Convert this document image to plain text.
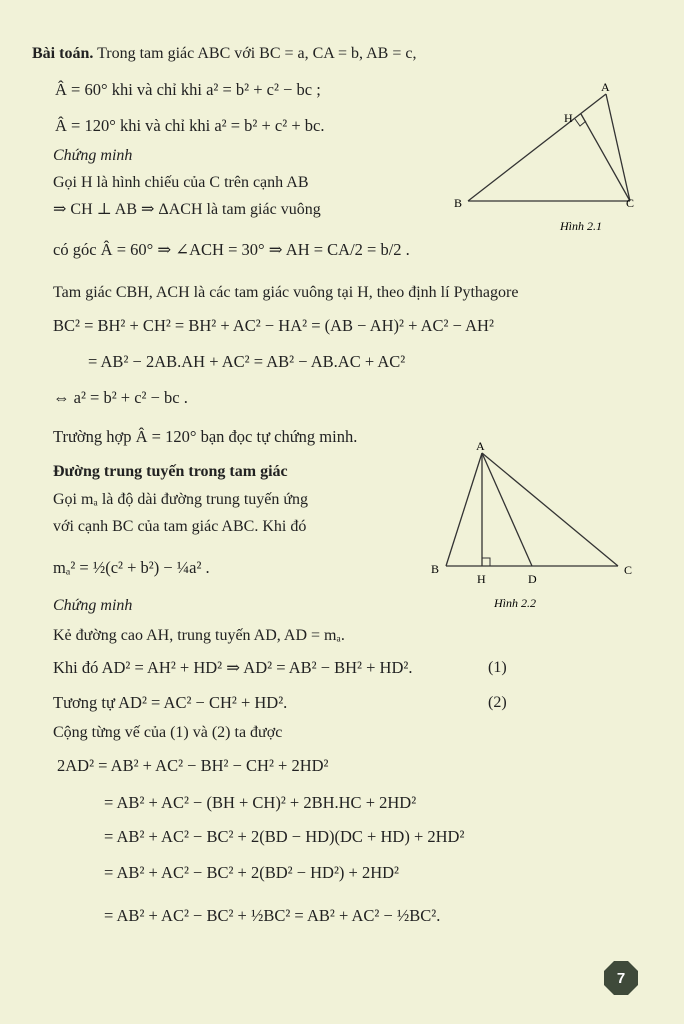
Bài toán. Trong tam giác ABC với BC = a, CA = b, AB = c,
Â = 60° khi và chỉ khi a² = b² + c² − bc ;
Â = 120° khi và chỉ khi a² = b² + c² + bc.
Chứng minh
Gọi H là hình chiếu của C trên cạnh AB
⇒ CH ⊥ AB ⇒ ΔACH là tam giác vuông
có góc Â = 60° ⇒ ∠ACH = 30° ⇒ AH = CA/2 = b/2 .
Tam giác CBH, ACH là các tam giác vuông tại H, theo định lí Pythagore
BC² = BH² + CH² = BH² + AC² − HA² = (AB − AH)² + AC² − AH²
= AB² − 2AB.AH + AC² = AB² − AB.AC + AC²
⇔ a² = b² + c² − bc .
Trường hợp Â = 120° bạn đọc tự chứng minh.
A
H
B	C
Hình 2.1
Đường trung tuyến trong tam giác
Gọi mₐ là độ dài đường trung tuyến ứng
với cạnh BC của tam giác ABC. Khi đó
mₐ² = ½(c² + b²) − ¼a² .
A
B
H	D
C
Hình 2.2
Chứng minh
Kẻ đường cao AH, trung tuyến AD, AD = mₐ.
Khi đó AD² = AH² + HD² ⇒ AD² = AB² − BH² + HD².	(1)
Tương tự AD² = AC² − CH² + HD².	(2)
Cộng từng vế của (1) và (2) ta được
2AD² = AB² + AC² − BH² − CH² + 2HD²
= AB² + AC² − (BH + CH)² + 2BH.HC + 2HD²
= AB² + AC² − BC² + 2(BD − HD)(DC + HD) + 2HD²
= AB² + AC² − BC² + 2(BD² − HD²) + 2HD²
= AB² + AC² − BC² + ½BC² = AB² + AC² − ½BC².
7
